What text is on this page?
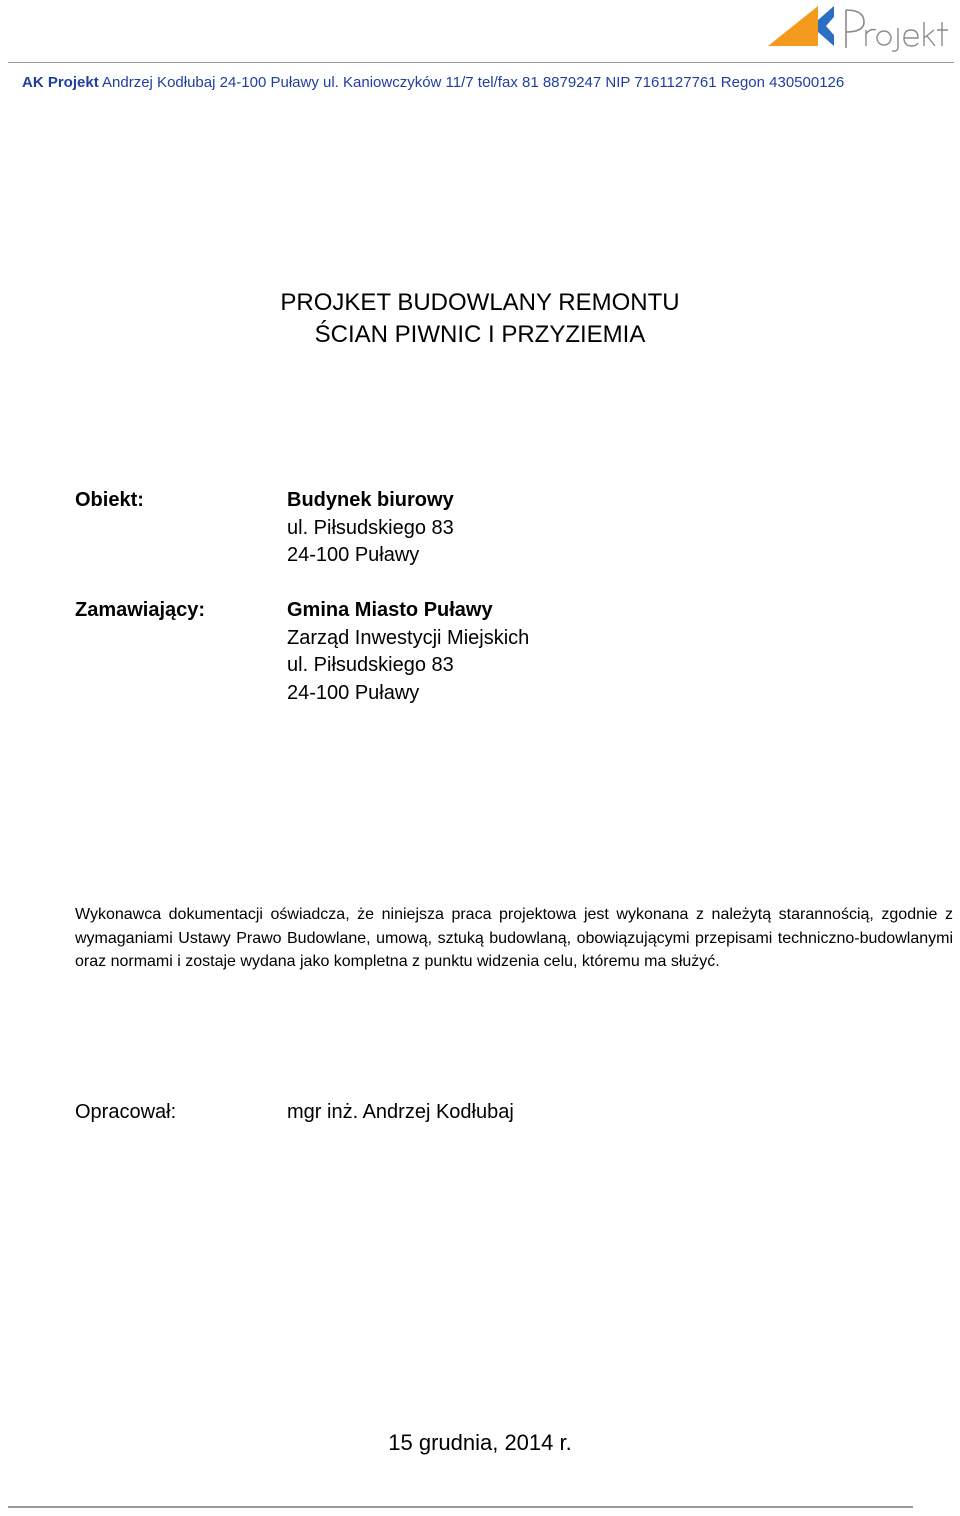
AK Projekt Andrzej Kodłubaj 24-100 Puławy ul. Kaniowczyków 11/7 tel/fax 81 8879247 NIP 7161127761 Regon 430500126
PROJKET BUDOWLANY REMONTU
ŚCIAN PIWNIC I PRZYZIEMIA
Obiekt:	Budynek biurowy
ul. Piłsudskiego 83
24-100 Puławy
Zamawiający:	Gmina Miasto Puławy
Zarząd Inwestycji Miejskich
ul. Piłsudskiego 83
24-100 Puławy
Wykonawca dokumentacji oświadcza, że niniejsza praca projektowa jest wykonana z należytą starannością, zgodnie z wymaganiami Ustawy Prawo Budowlane, umową, sztuką budowlaną, obowiązującymi przepisami techniczno-budowlanymi oraz normami i zostaje wydana jako kompletna z punktu widzenia celu, któremu ma służyć.
Opracował:	mgr inż. Andrzej Kodłubaj
15 grudnia, 2014 r.
